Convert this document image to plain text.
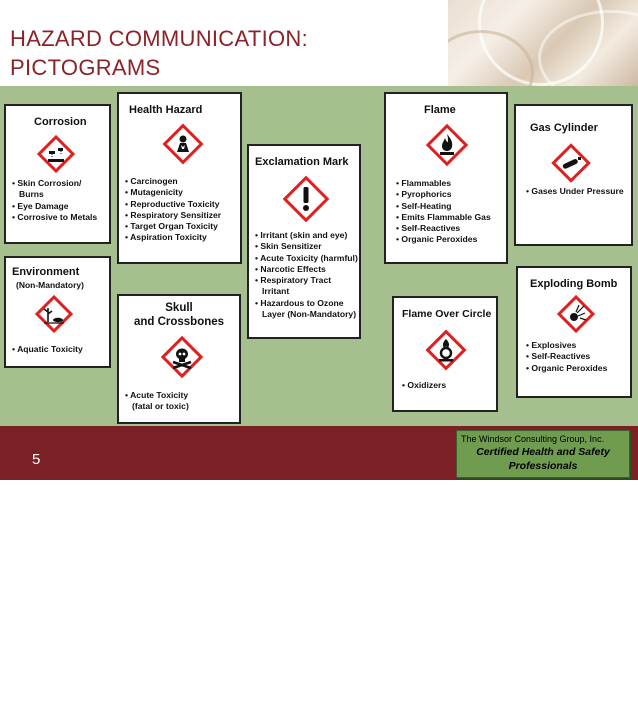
HAZARD COMMUNICATION:
PICTOGRAMS
Corrosion
• Skin Corrosion/
Burns
• Eye Damage
• Corrosive to Metals
Health Hazard
• Carcinogen
• Mutagenicity
• Reproductive Toxicity
• Respiratory Sensitizer
• Target Organ Toxicity
• Aspiration Toxicity
Exclamation Mark
• Irritant (skin and eye)
• Skin Sensitizer
• Acute Toxicity (harmful)
• Narcotic Effects
• Respiratory Tract
Irritant
• Hazardous to Ozone
Layer (Non-Mandatory)
Flame
• Flammables
• Pyrophorics
• Self-Heating
• Emits Flammable Gas
• Self-Reactives
• Organic Peroxides
Gas Cylinder
• Gases Under Pressure
Environment
(Non-Mandatory)
• Aquatic Toxicity
Skull
and Crossbones
• Acute Toxicity
(fatal or toxic)
Flame Over Circle
• Oxidizers
Exploding Bomb
• Explosives
• Self-Reactives
• Organic Peroxides
5
The Windsor Consulting Group, Inc.
Certified Health and Safety
Professionals
